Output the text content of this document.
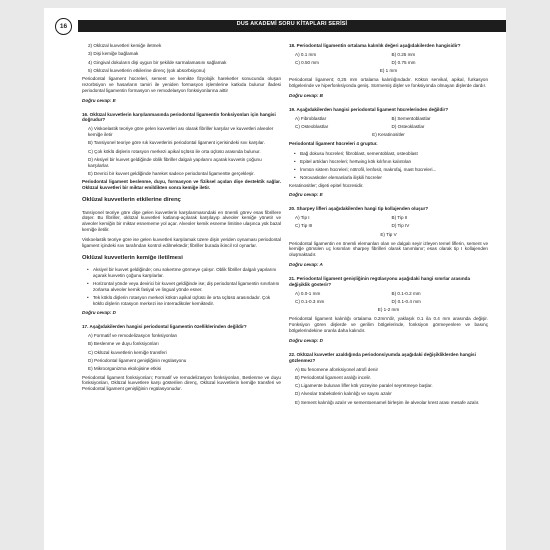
DUS AKADEMİ SORU KİTAPLARI SERİSİ
16
2) Oklüzal kuvvetleri kemiğe iletmek
3) Dişi kemiğe bağlamak
4) Gingival dokuların dişi uygun bir şekilde sarmalamasını sağlamak
5) Oklüzal kuvvetlerin etkilerine direnç (şok absorbsiyonu)
Periodontal ligament hücreleri, sement ve kemikte fizyolojik hareketler sonucunda oluşan rezorbsiyon ve hasarların tamiri ile yeniden formasyon işlemlerine katkıda bulunur ifadesi periodontal ligamentin formasyon ve remodelasyon fonksiyonlarına aittir
Doğru cevap: E
16. Oklüzal kuvvetlerin karşılanmasında periodontal ligamentin fonksiyonları için hangisi doğrudur?
A) Viskoelastik teoriye göre gelen kuvvetleri ası olarak fibriller karşılar ve kuvvetleri alveoler kemiğe iletir
B) Tansiyonel teoriye göre sık kuvvetlerini periodontal ligament içerisindeki sıvı karşılar.
C) Çok köklü dişlerin rotasyon merkezi apikal üçlüsü ile orta üçlüsü arasında bulunur.
D) Aksiyel bir kuvvet geldiğinde oblik fibriller dalgalı yapılarını açarak kuvvetin çoğunu karşılarlar.
E) Devrici bir kuvvet geldiğinde hareket sadece periodontal ligamentte gerçekleşir.
Periodontal ligament beslenme, duyu, formasyon ve fiziksel açıdan dişe destektik sağlar. Oklüzal kuvvetleri bir miktar emildikten sonra kemiğe iletir.
Oklüzal kuvvetlerin etkilerine direnç
Tansiyonel teoriye göre dişe gelen kuvvetlerin karşılanmasındaki en önemli görev esas fibrillere düşer. Bu fibriller, oklüzal kuvvetleri katlanıp-açılarak karşılayıp alveoler kemiğe yönetir ve alveoler kemiğin bir miktar esnememe yol açar. Alveoler kemik esneme limitine ulaşınca yük bazal kemiğe iletilir.
Viskoelastik teoriye göre ise gelen kuvvetleri karşılamak üzere dişin yeriden oynaması periodontal ligament içindeki sıvı tarafından kontrol edilmektedir; fibriller burada ikincil rol oynarlar.
Oklüzal kuvvetlerin kemiğe iletilmesi
• Aksiyel bir kuvvet geldiğinde; onu sokertme görmeye çalışır. Oblik fibriller dalgalı yapılarını açarak kuvvetin çoğunu karşılarlar.
• Horizontal yönde veya devirici bir kuvvet geldiğinde ise; diş periodontal ligamentin sınırlarını zorlarsa alveoler kemik fasiyal ve lingual yönde esner.
• Tek köklü dişlerin rotasyon merkezi kökün apikal üçlüsü ile orta üçlüsü arasındadır. Çok köklü dişlerin rotasyon merkezi ise interradiküler kemiktedir.
Doğru cevap: D
17. Aşağıdakilerden hangisi periodontal ligamentin özelliklerinden değildir?
A) Formatif ve remodelizasyon fonksiyonları
B) Beslenme ve duyu fonksiyonları
C) Oklüzal kuvvetlerin kemiğe transferi
D) Periodontal ligament genişliğinin regülasyonu
E) Mikroorganizma ekolojisine etkisi
Periodontal ligament fonksiyonları; Formatif ve remodelizasyon fonksiyonları, Beslenme ve duyu fonksiyonları, Oklüzal kuvvetlere karşı gösterilen direnç, Oklüzal kuvvetlerin kemiğe transferi ve Periodontal ligament genişliğinin regülasyonudur.
18. Periodontal ligamentin ortalama kalınlık değeri aşağıdakilerden hangisidir?
A) 0.1 mm	B) 0.25 mm
C) 0.50 mm	D) 0.75 mm
E) 1 mm
Periodontal ligament; 0,25 mm ortalama kalınlığındadır. Kökün servikal, apikal, furkasyon bölgelerinde ve hiperfonksiyonda geniş. Sürmemiş dişler ve fonksiyonda olmayan dişlerde dardır.
Doğru cevap: B
19. Aşağıdakilerden hangisi periodontal ligament hücrelerinden değildir?
A) Fibroblastlar	B) Sementoblastlar
C) Osteoblastlar	D) Osteoklastlar
E) Keratinositler
Periodontal ligament hücreleri 4 gruptur.
• Bağ dokusu hücreleri; fibroblast, sementoblast, osteoblast
• Epitel artıkları hücreleri; hertwing kök kılıfının kalıntıları
• İmmün sistem hücreleri; nötrofil, lenfosit, makrofaj, mast hücreleri...
• Nörovasküler elemanlarla ilişkili hücreler
Keratinositler; dişeti epitel hücresidir.
Doğru cevap: E
20. Sharpey lifleri aşağıdakilerden hangi tip kollajenden oluşur?
A) Tip I	B) Tip II
C) Tip III	D) Tip IV
E) Tip V
Periodontal ligamentin en önemli elemanları olan ve dalgalı seyir izleyen temel liflerin, sement ve kemiğe gömülen uç kısımları sharpey fibrilleri olarak tanımlanır; esas olarak tip I kollajenden oluşmaktadır.
Doğru cevap: A
21. Periodontal ligament genişliğinin regülasyonu aşağıdaki hangi sınırlar arasında değişiklik gösterir?
A) 0.0-1 mm	B) 0.1-0.2 mm
C) 0.1-0.3 mm	D) 0.1-0.4 mm
E) 1-2 mm
Periodontal ligament kalınlığı ortalama 0.2mm'dir, yaklaşık 0.1 ila 0.4 mm arasında değişir. Fonksiyon gören dişlerde ve gerilim bölgelerinde, fonksiyon görmeyenlere ve basınç bölgelerindekine oranla daha kalındır.
Doğru cevap: D
22. Oklüzal kuvvetler azaldığında periodonsiyumda aşağıdaki değişikliklerden hangisi gözlenmez?
A) Bu fenomene afonksiyonel atrofi denir
B) Periodontal ligament aralığı incelir.
C) Ligamente bulunan lifler kök yüzeyine paralel seyretmeye başlar.
D) Alveolar trabekülerin kalınlığı ve sayısı azalır
E) Sement kalınlığı azalır ve sementoenamel birleşim ile alveolar krest arası mesafe azalır.
